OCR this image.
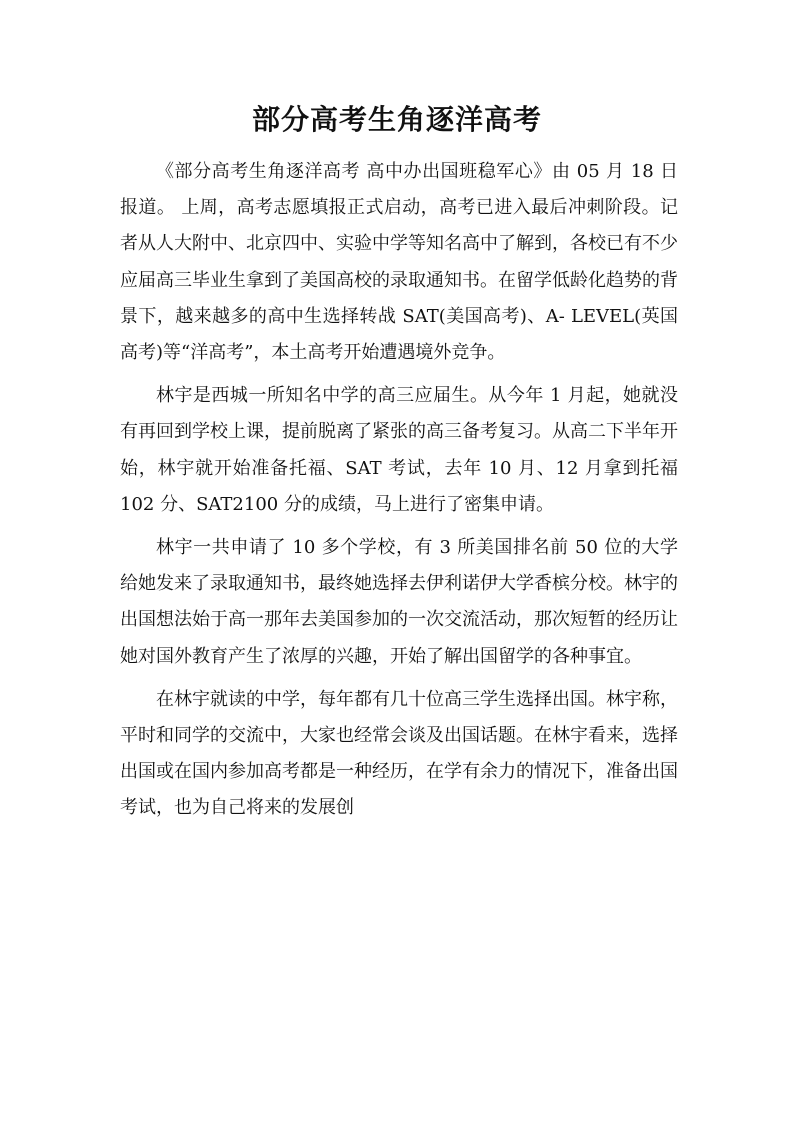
部分高考生角逐洋高考

《部分高考生角逐洋高考 高中办出国班稳军心》由 05 月 18 日报道。 上周，高考志愿填报正式启动，高考已进入最后冲刺阶段。记者从人大附中、北京四中、实验中学等知名高中了解到，各校已有不少应届高三毕业生拿到了美国高校的录取通知书。在留学低龄化趋势的背景下，越来越多的高中生选择转战 SAT(美国高考)、A- LEVEL(英国高考)等“洋高考”，本土高考开始遭遇境外竞争。

林宇是西城一所知名中学的高三应届生。从今年 1 月起，她就没有再回到学校上课，提前脱离了紧张的高三备考复习。从高二下半年开始，林宇就开始准备托福、SAT 考试，去年 10 月、12 月拿到托福 102 分、SAT2100 分的成绩，马上进行了密集申请。

林宇一共申请了 10 多个学校，有 3 所美国排名前 50 位的大学给她发来了录取通知书，最终她选择去伊利诺伊大学香槟分校。林宇的出国想法始于高一那年去美国参加的一次交流活动，那次短暂的经历让她对国外教育产生了浓厚的兴趣，开始了解出国留学的各种事宜。

在林宇就读的中学，每年都有几十位高三学生选择出国。林宇称，平时和同学的交流中，大家也经常会谈及出国话题。在林宇看来，选择出国或在国内参加高考都是一种经历，在学有余力的情况下，准备出国考试，也为自己将来的发展创
